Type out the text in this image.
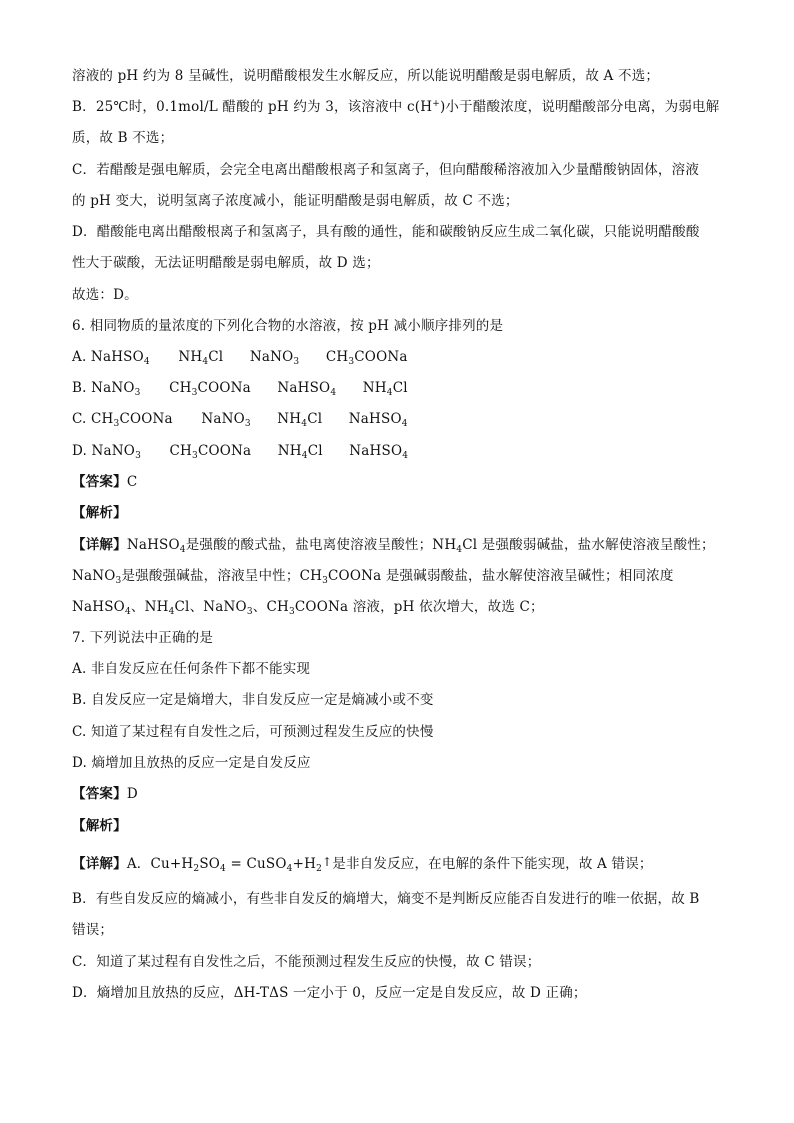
溶液的 pH 约为 8 呈碱性，说明醋酸根发生水解反应，所以能说明醋酸是弱电解质，故 A 不选；
B．25℃时，0.1mol/L 醋酸的 pH 约为 3，该溶液中 c(H+)小于醋酸浓度，说明醋酸部分电离，为弱电解
质，故 B 不选；
C．若醋酸是强电解质，会完全电离出醋酸根离子和氢离子，但向醋酸稀溶液加入少量醋酸钠固体，溶液
的 pH 变大，说明氢离子浓度减小，能证明醋酸是弱电解质，故 C 不选；
D．醋酸能电离出醋酸根离子和氢离子，具有酸的通性，能和碳酸钠反应生成二氧化碳，只能说明醋酸酸
性大于碳酸，无法证明醋酸是弱电解质，故 D 选；
故选：D。
6. 相同物质的量浓度的下列化合物的水溶液，按 pH 减小顺序排列的是
A. NaHSO$_4$ $NH_4Cl$ NaNO$_3$ $CH_3COONa$
B. NaNO$_3$ $CH_3COONa$ NaHSO$_4$ $NH_4Cl$
C. $CH_3COONa$ NaNO$_3$ $NH_4Cl$ NaHSO$_4$
D. NaNO$_3$ $CH_3COONa$ $NH_4Cl$ NaHSO$_4$
【答案】C
【解析】
【详解】NaHSO$_4$是强酸的酸式盐，盐电离使溶液呈酸性；$NH_4Cl$ 是强酸弱碱盐，盐水解使溶液呈酸性；
NaNO$_3$是强酸强碱盐，溶液呈中性；$CH_3COONa$ 是强碱弱酸盐，盐水解使溶液呈碱性；相同浓度
NaHSO$_4$、$NH_4Cl$、NaNO$_3$、$CH_3COONa$ 溶液，pH 依次增大，故选 C；
7. 下列说法中正确的是
A. 非自发反应在任何条件下都不能实现
B. 自发反应一定是熵增大，非自发反应一定是熵减小或不变
C. 知道了某过程有自发性之后，可预测过程发生反应的快慢
D. 熵增加且放热的反应一定是自发反应
【答案】D
【解析】
【详解】A．$Cu+H_2SO_4$ = $CuSO_4+H_2↑$是非自发反应，在电解的条件下能实现，故 A 错误；
B．有些自发反应的熵减小，有些非自发反的熵增大，熵变不是判断反应能否自发进行的唯一依据，故 B
错误；
C．知道了某过程有自发性之后，不能预测过程发生反应的快慢，故 C 错误；
D．熵增加且放热的反应，ΔH-TΔS 一定小于 0，反应一定是自发反应，故 D 正确；
